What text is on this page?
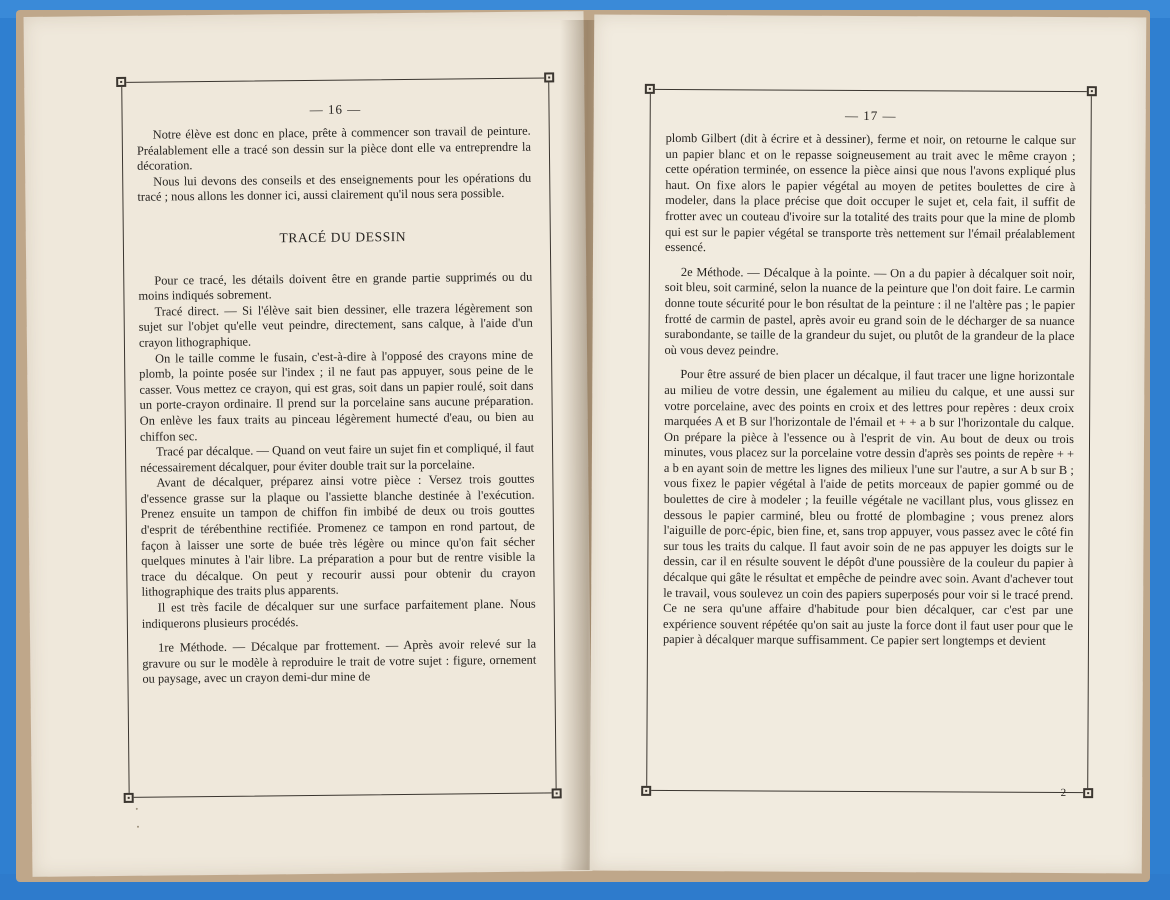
— 16 —

Notre élève est donc en place, prête à commencer son travail de peinture. Préalablement elle a tracé son dessin sur la pièce dont elle va entreprendre la décoration.

Nous lui devons des conseils et des enseignements pour les opérations du tracé ; nous allons les donner ici, aussi clairement qu'il nous sera possible.

TRACÉ DU DESSIN

Pour ce tracé, les détails doivent être en grande partie supprimés ou du moins indiqués sobrement.

Tracé direct. — Si l'élève sait bien dessiner, elle trazera légèrement son sujet sur l'objet qu'elle veut peindre, directement, sans calque, à l'aide d'un crayon lithographique.

On le taille comme le fusain, c'est-à-dire à l'opposé des crayons mine de plomb, la pointe posée sur l'index ; il ne faut pas appuyer, sous peine de le casser. Vous mettez ce crayon, qui est gras, soit dans un papier roulé, soit dans un porte-crayon ordinaire. Il prend sur la porcelaine sans aucune préparation. On enlève les faux traits au pinceau légèrement humecté d'eau, ou bien au chiffon sec.

Tracé par décalque. — Quand on veut faire un sujet fin et compliqué, il faut nécessairement décalquer, pour éviter double trait sur la porcelaine.

Avant de décalquer, préparez ainsi votre pièce : Versez trois gouttes d'essence grasse sur la plaque ou l'assiette blanche destinée à l'exécution. Prenez ensuite un tampon de chiffon fin imbibé de deux ou trois gouttes d'esprit de térébenthine rectifiée. Promenez ce tampon en rond partout, de façon à laisser une sorte de buée très légère ou mince qu'on fait sécher quelques minutes à l'air libre. La préparation a pour but de rentre visible la trace du décalque. On peut y recourir aussi pour obtenir du crayon lithographique des traits plus apparents.

Il est très facile de décalquer sur une surface parfaitement plane. Nous indiquerons plusieurs procédés.

1re Méthode. — Décalque par frottement. — Après avoir relevé sur la gravure ou sur le modèle à reproduire le trait de votre sujet : figure, ornement ou paysage, avec un crayon demi-dur mine de

— 17 —

plomb Gilbert (dit à écrire et à dessiner), ferme et noir, on retourne le calque sur un papier blanc et on le repasse soigneusement au trait avec le même crayon ; cette opération terminée, on essence la pièce ainsi que nous l'avons expliqué plus haut. On fixe alors le papier végétal au moyen de petites boulettes de cire à modeler, dans la place précise que doit occuper le sujet et, cela fait, il suffit de frotter avec un couteau d'ivoire sur la totalité des traits pour que la mine de plomb qui est sur le papier végétal se transporte très nettement sur l'émail préalablement essencé.

2e Méthode. — Décalque à la pointe. — On a du papier à décalquer soit noir, soit bleu, soit carminé, selon la nuance de la peinture que l'on doit faire. Le carmin donne toute sécurité pour le bon résultat de la peinture : il ne l'altère pas ; le papier frotté de carmin de pastel, après avoir eu grand soin de le décharger de sa nuance surabondante, se taille de la grandeur du sujet, ou plutôt de la grandeur de la place où vous devez peindre.

Pour être assuré de bien placer un décalque, il faut tracer une ligne horizontale au milieu de votre dessin, une également au milieu du calque, et une aussi sur votre porcelaine, avec des points en croix et des lettres pour repères : deux croix marquées A et B sur l'horizontale de l'émail et + + a b sur l'horizontale du calque. On prépare la pièce à l'essence ou à l'esprit de vin. Au bout de deux ou trois minutes, vous placez sur la porcelaine votre dessin d'après ses points de repère + + a b en ayant soin de mettre les lignes des milieux l'une sur l'autre, a sur A b sur B ; vous fixez le papier végétal à l'aide de petits morceaux de papier gommé ou de boulettes de cire à modeler ; la feuille végétale ne vacillant plus, vous glissez en dessous le papier carminé, bleu ou frotté de plombagine ; vous prenez alors l'aiguille de porc-épic, bien fine, et, sans trop appuyer, vous passez avec le côté fin sur tous les traits du calque. Il faut avoir soin de ne pas appuyer les doigts sur le dessin, car il en résulte souvent le dépôt d'une poussière de la couleur du papier à décalque qui gâte le résultat et empêche de peindre avec soin. Avant d'achever tout le travail, vous soulevez un coin des papiers superposés pour voir si le tracé prend. Ce ne sera qu'une affaire d'habitude pour bien décalquer, car c'est par une expérience souvent répétée qu'on sait au juste la force dont il faut user pour que le papier à décalquer marque suffisamment. Ce papier sert longtemps et devient

2
